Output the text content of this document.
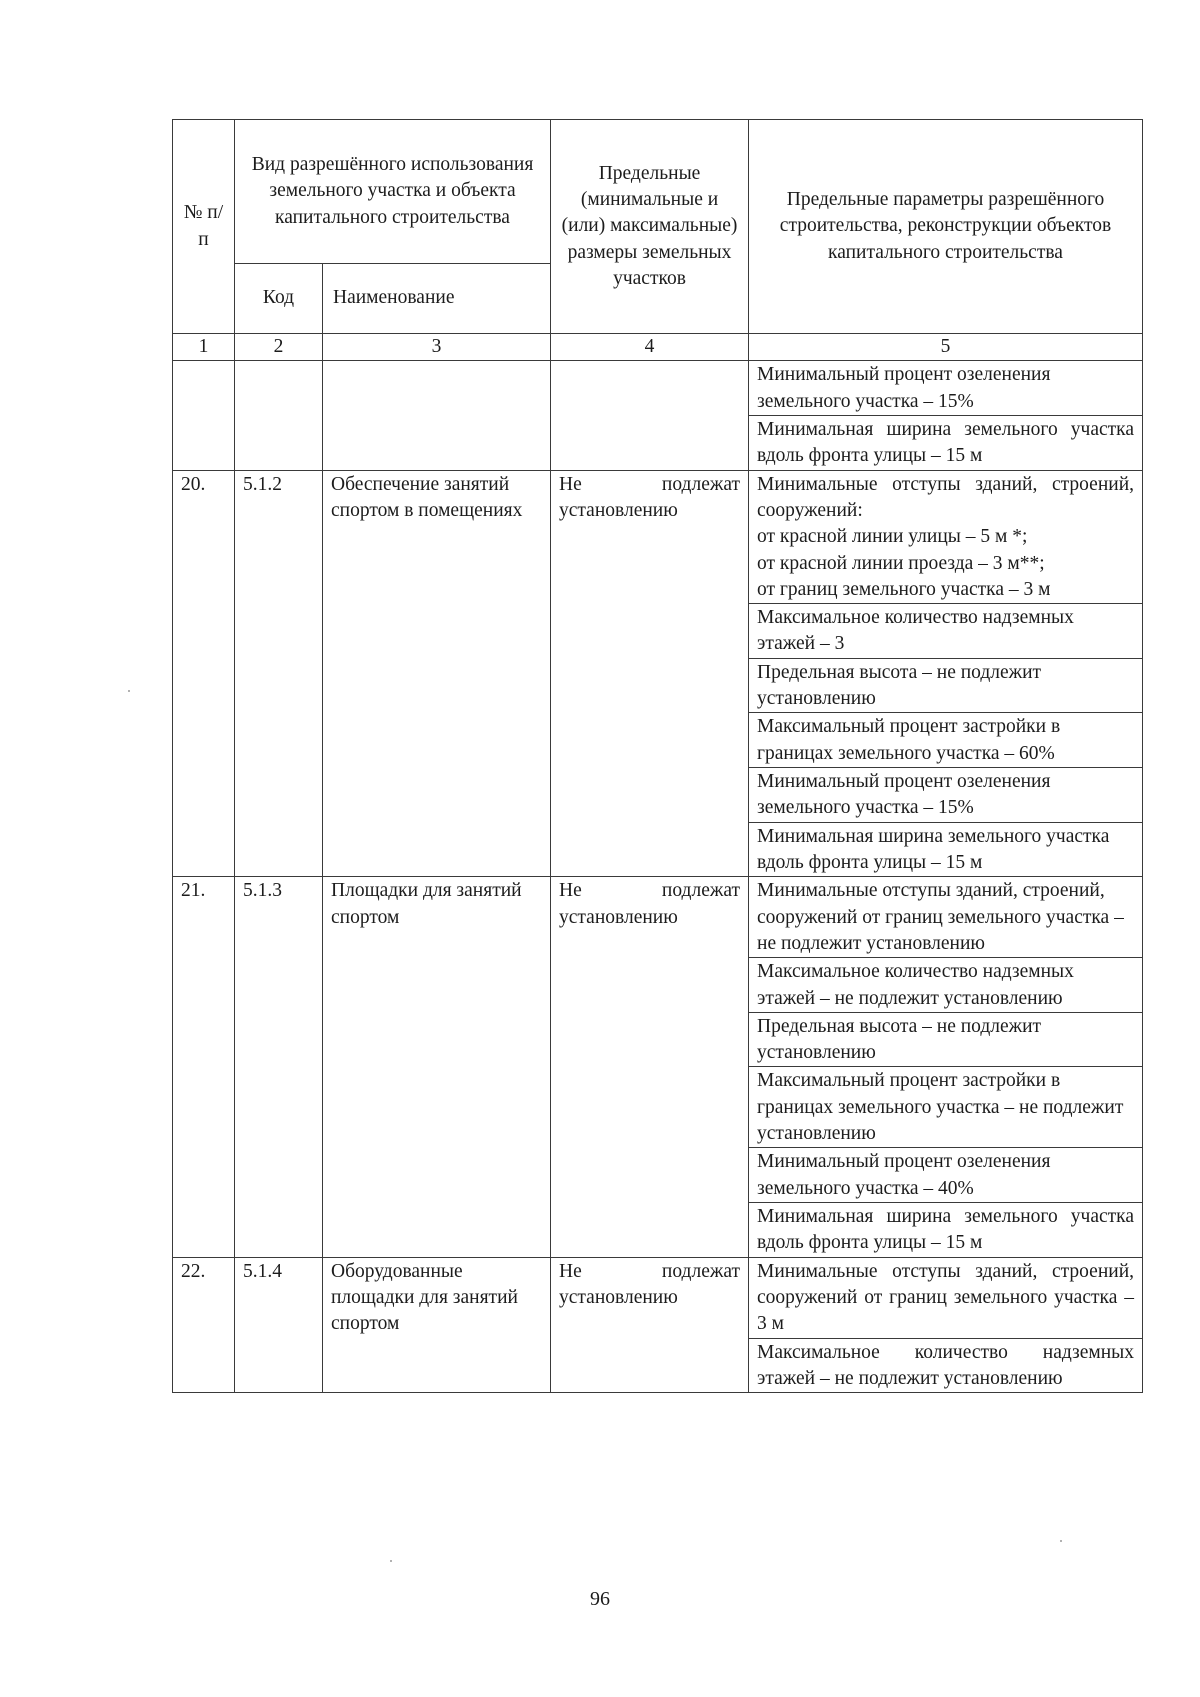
№ п/п	Вид разрешённого использования земельного участка и объекта капитального строительства		Предельные (минимальные и (или) максимальные) размеры земельных участков	Предельные параметры разрешённого строительства, реконструкции объектов капитального строительства
	Код	Наименование		
1	2	3	4	5
				Минимальный процент озеленения земельного участка – 15%
				Минимальная ширина земельного участка вдоль фронта улицы – 15 м
20.	5.1.2	Обеспечение занятий спортом в помещениях	Не подлежат установлению	Минимальные отступы зданий, строений, сооружений:
от красной линии улицы – 5 м *;
от красной линии проезда – 3 м**;
от границ земельного участка – 3 м
				Максимальное количество надземных этажей – 3
				Предельная высота – не подлежит установлению
				Максимальный процент застройки в границах земельного участка – 60%
				Минимальный процент озеленения земельного участка – 15%
				Минимальная ширина земельного участка вдоль фронта улицы – 15 м
21.	5.1.3	Площадки для занятий спортом	Не подлежат установлению	Минимальные отступы зданий, строений, сооружений от границ земельного участка – не подлежит установлению
				Максимальное количество надземных этажей – не подлежит установлению
				Предельная высота – не подлежит установлению
				Максимальный процент застройки в границах земельного участка – не подлежит установлению
				Минимальный процент озеленения земельного участка – 40%
				Минимальная ширина земельного участка вдоль фронта улицы – 15 м
22.	5.1.4	Оборудованные площадки для занятий спортом	Не подлежат установлению	Минимальные отступы зданий, строений, сооружений от границ земельного участка – 3 м
				Максимальное количество надземных этажей – не подлежит установлению
96
